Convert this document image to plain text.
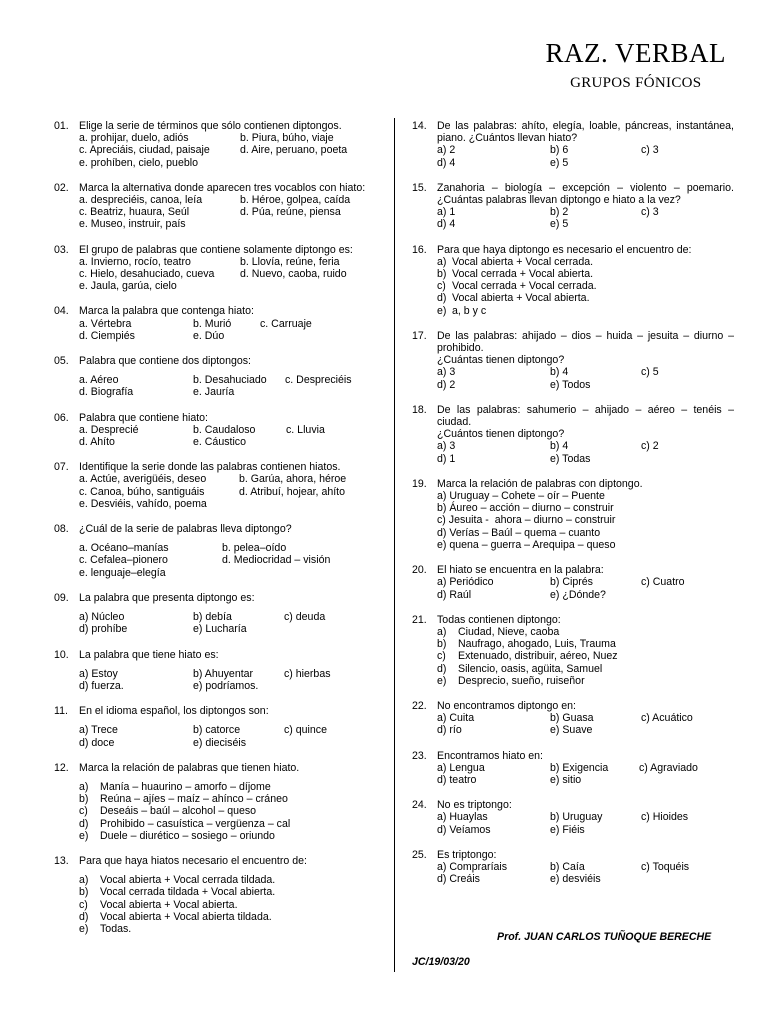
RAZ. VERBAL
GRUPOS FÓNICOS
01. Elige la serie de términos que sólo contienen diptongos.
a. prohijar, duelo, adiós	b. Piura, búho, viaje
c. Apreciáis, ciudad, paisaje	d. Aire, peruano, poeta
e. prohíben, cielo, pueblo
02. Marca la alternativa donde aparecen tres vocablos con hiato:
a. despreciéis, canoa, leía	b. Héroe, golpea, caída
c. Beatriz, huaura, Seúl	d. Púa, reúne, piensa
e. Museo, instruir, país
03. El grupo de palabras que contiene solamente diptongo es:
a. Invierno, rocío, teatro	b. Llovía, reúne, feria
c. Hielo, desahuciado, cueva	d. Nuevo, caoba, ruido
e. Jaula, garúa, cielo
04. Marca la palabra que contenga hiato:
a. Vértebra	b. Murió	c. Carruaje
d. Ciempiés	e. Dúo
05. Palabra que contiene dos diptongos:
a. Aéreo	b. Desahuciado	c. Despreciéis
d. Biografía	e. Jauría
06. Palabra que contiene hiato:
a. Desprecié	b. Caudaloso	c. Lluvia
d. Ahíto	e. Cáustico
07. Identifique la serie donde las palabras contienen hiatos.
a. Actúe, averigüéis, deseo	b. Garúa, ahora, héroe
c. Canoa, búho, santiguáis	d. Atribuí, hojear, ahíto
e. Desviéis, vahído, poema
08. ¿Cuál de la serie de palabras lleva diptongo?
a. Océano–manías	b. pelea–oído
c. Cefalea–pionero	d. Mediocridad – visión
e. lenguaje–elegía
09. La palabra que presenta diptongo es:
a) Núcleo	b) debía	c) deuda
d) prohíbe	e) Lucharía
10. La palabra que tiene hiato es:
a) Estoy	b) Ahuyentar	c) hierbas
d) fuerza.	e) podríamos.
11. En el idioma español, los diptongos son:
a) Trece	b) catorce	c) quince
d) doce	e) dieciséis
12. Marca la relación de palabras que tienen hiato.
a)	Manía – huaurino – amorfo – díjome
b)	Reúna – ajíes – maíz – ahínco – cráneo
c)	Deseáis – baúl – alcohol – queso
d)	Prohibido – casuística – vergüenza – cal
e)	Duele – diurético – sosiego – oriundo
13. Para que haya hiatos necesario el encuentro de:
a)	Vocal abierta + Vocal cerrada tildada.
b)	Vocal cerrada tildada + Vocal abierta.
c)	Vocal abierta + Vocal abierta.
d)	Vocal abierta + Vocal abierta tildada.
e)	Todas.
14. De las palabras: ahíto, elegía, loable, páncreas, instantánea, piano. ¿Cuántos llevan hiato?
a) 2	b) 6	c) 3
d) 4	e) 5
15. Zanahoria – biología – excepción – violento – poemario. ¿Cuántas palabras llevan diptongo e hiato a la vez?
a) 1	b) 2	c) 3
d) 4	e) 5
16. Para que haya diptongo es necesario el encuentro de:
a) Vocal abierta + Vocal cerrada.
b) Vocal cerrada + Vocal abierta.
c) Vocal cerrada + Vocal cerrada.
d) Vocal abierta + Vocal abierta.
e) a, b y c
17. De las palabras: ahijado – dios – huida – jesuita – diurno – prohibido.
¿Cuántas tienen diptongo?
a) 3	b) 4	c) 5
d) 2	e) Todos
18. De las palabras: sahumerio – ahijado – aéreo – tenéis – ciudad.
¿Cuántos tienen diptongo?
a) 3	b) 4	c) 2
d) 1	e) Todas
19. Marca la relación de palabras con diptongo.
a) Uruguay – Cohete – oír – Puente
b) Áureo – acción – diurno – construir
c) Jesuita -  ahora – diurno – construir
d) Verías – Baúl – quema – cuanto
e) quena – guerra – Arequipa – queso
20. El hiato se encuentra en la palabra:
a) Periódico	b) Ciprés	c) Cuatro
d) Raúl	e) ¿Dónde?
21. Todas contienen diptongo:
a)	Ciudad, Nieve, caoba
b)	Naufrago, ahogado, Luis, Trauma
c)	Extenuado, distribuir, aéreo, Nuez
d)	Silencio, oasis, agüita, Samuel
e)	Desprecio, sueño, ruiseñor
22. No encontramos diptongo en:
a) Cuita	b) Guasa	c) Acuático
d) río	e) Suave
23. Encontramos hiato en:
a) Lengua	b) Exigencia	c) Agraviado
d) teatro	e) sitio
24. No es triptongo:
a) Huaylas	b) Uruguay	c) Hioides
d) Veíamos	e) Fiéis
25. Es triptongo:
a) Compraríais	b) Caía	c) Toquéis
d) Creáis	e) desviéis
Prof. JUAN CARLOS TUÑOQUE BERECHE
JC/19/03/20
